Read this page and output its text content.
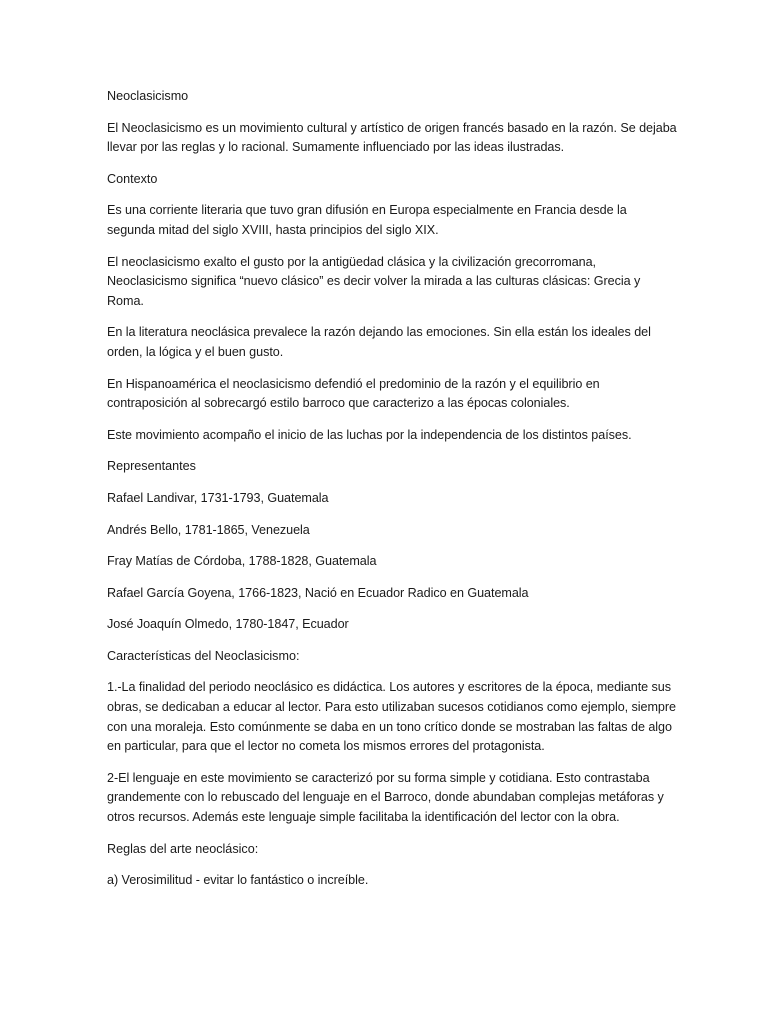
Neoclasicismo

El Neoclasicismo es un movimiento cultural y artístico de origen francés basado en la razón. Se dejaba llevar por las reglas y lo racional. Sumamente influenciado por las ideas ilustradas.

Contexto

Es una corriente literaria que tuvo gran difusión en Europa especialmente en Francia desde la segunda mitad del siglo XVIII, hasta principios del siglo XIX.

El neoclasicismo exalto el gusto por la antigüedad clásica y la civilización grecorromana, Neoclasicismo significa “nuevo clásico” es decir volver la mirada a las culturas clásicas: Grecia y Roma.

En la literatura neoclásica prevalece la razón dejando las emociones. Sin ella están los ideales del orden, la lógica y el buen gusto.

En Hispanoamérica el neoclasicismo defendió el predominio de la razón y el equilibrio en contraposición al sobrecargó estilo barroco que caracterizo a las épocas coloniales.

Este movimiento acompaño el inicio de las luchas por la independencia de los distintos países.

Representantes

Rafael Landivar, 1731-1793, Guatemala

Andrés Bello, 1781-1865, Venezuela

Fray Matías de Córdoba, 1788-1828, Guatemala

Rafael García Goyena, 1766-1823, Nació en Ecuador Radico en Guatemala

José Joaquín Olmedo, 1780-1847, Ecuador

Características del Neoclasicismo:

1.-La finalidad del periodo neoclásico es didáctica. Los autores y escritores de la época, mediante sus obras, se dedicaban a educar al lector. Para esto utilizaban sucesos cotidianos como ejemplo, siempre con una moraleja. Esto comúnmente se daba en un tono crítico donde se mostraban las faltas de algo en particular, para que el lector no cometa los mismos errores del protagonista.

2-El lenguaje en este movimiento se caracterizó por su forma simple y cotidiana. Esto contrastaba grandemente con lo rebuscado del lenguaje en el Barroco, donde abundaban complejas metáforas y otros recursos. Además este lenguaje simple facilitaba la identificación del lector con la obra.

Reglas del arte neoclásico:

a) Verosimilitud - evitar lo fantástico o increíble.
